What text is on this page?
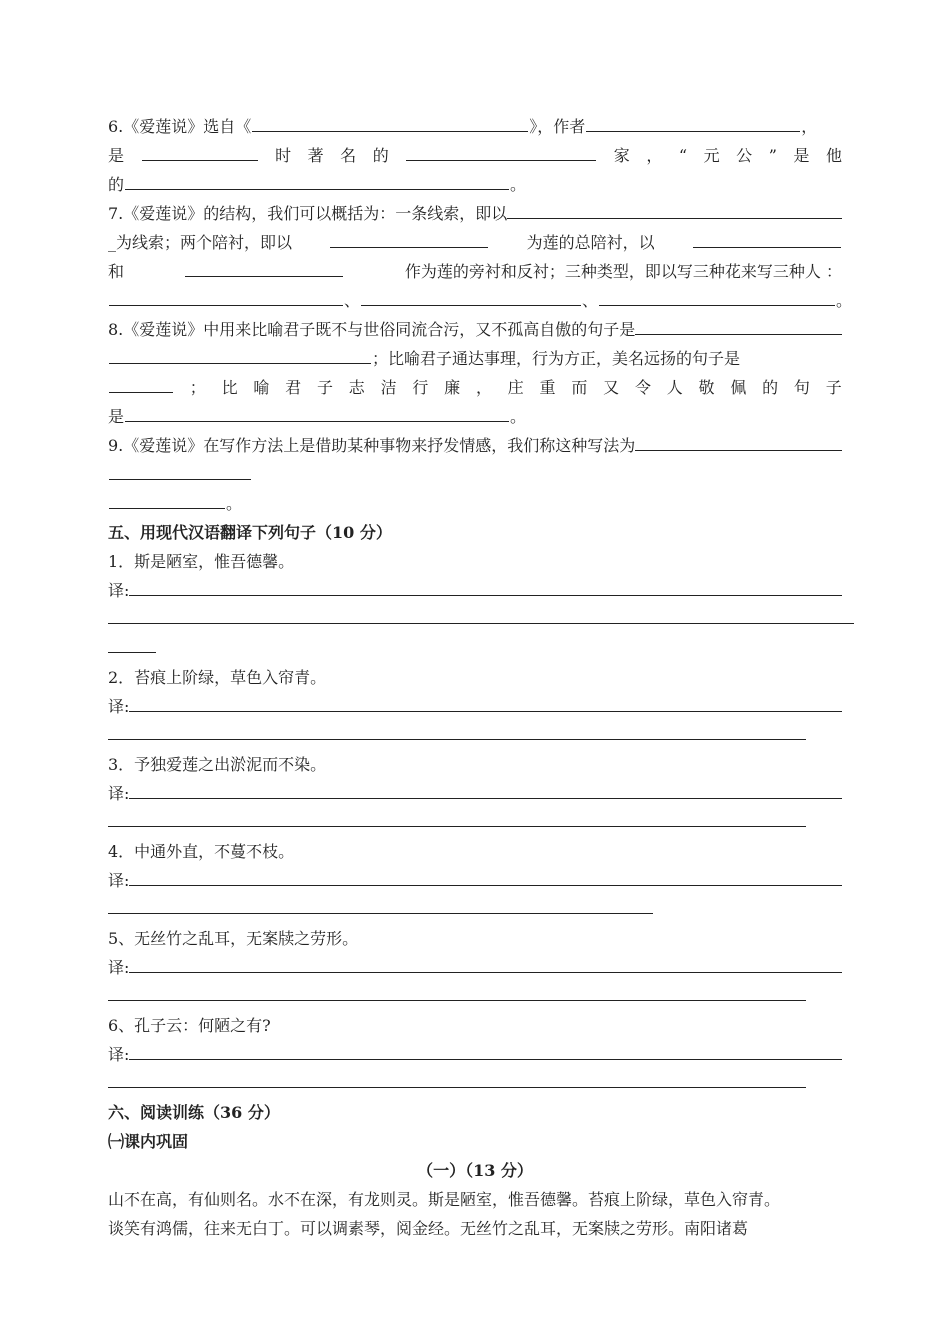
6.《爱莲说》选自《	》，作者	，
是	时 著 名 的	家 ， “ 元 公 ” 是 他
的	。
7.《爱莲说》的结构，我们可以概括为：一条线索，即以
_为线索；两个陪衬，即以	为莲的总陪衬，以
和	作为莲的旁衬和反衬；三种类型，即以写三种花来写三种人 ：
、	、	。
8.《爱莲说》中用来比喻君子既不与世俗同流合污，又不孤高自傲的句子是
；比喻君子通达事理，行为方正，美名远扬的句子是
； 比 喻 君 子 志 洁 行 廉 ， 庄 重 而 又 令 人 敬 佩 的 句 子
是	。
9.《爱莲说》在写作方法上是借助某种事物来抒发情感，我们称这种写法为
。
五、用现代汉语翻译下列句子（10 分）
1．斯是陋室，惟吾德馨。
译:
2．苔痕上阶绿，草色入帘青。
译:
3．予独爱莲之出淤泥而不染。
译:
4．中通外直，不蔓不枝。
译:
5、无丝竹之乱耳，无案牍之劳形。
译:
6、孔子云：何陋之有?
译:
六、阅读训练（36 分）
㈠课内巩固
（一）（13 分）
山不在高，有仙则名。水不在深，有龙则灵。斯是陋室，惟吾德馨。苔痕上阶绿，草色入帘青。
谈笑有鸿儒，往来无白丁。可以调素琴，阅金经。无丝竹之乱耳，无案牍之劳形。南阳诸葛
